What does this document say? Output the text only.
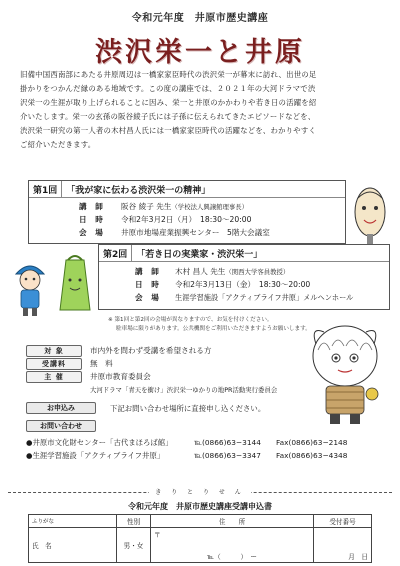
令和元年度　井原市歴史講座
渋沢栄一と井原

旧備中国西南部にあたる井原周辺は一橋家家臣時代の渋沢栄一が幕末に訪れ、出世の足

掛かりをつかんだ縁のある地域です。この度の講座では、２０２１年の大河ドラマで渋

沢栄一の生涯が取り上げられることに因み、栄一と井原のかかわりや若き日の活躍を紹

介いたします。栄一の玄孫の阪谷綾子氏には子孫に伝えられてきたエピソードなどを、

渋沢栄一研究の第一人者の木村昌人氏には一橋家家臣時代の活躍などを、わかりやすく

ご紹介いただきます。

第1回	「我が家に伝わる渋沢栄一の精神」
講 師	阪谷 綾子 先生 （学校法人興譲館理事長）
日 時	令和2年3月2日（月）　18:30～20:00
会 場	井原市地場産業振興センター　5階大会議室
第2回	「若き日の実業家・渋沢栄一」
講 師	木村 昌人 先生 （関西大学客員教授）
日 時	令和2年3月13日（金）　18:30～20:00
会 場	生涯学習施設「アクティブライフ井原」メルヘンホール
※ 第1回と第2回の会場が異なりますので、お気を付けください。
駐車場に限りがあります。公共機関をご利用いただきますようお願いします。
対 象	市内外を問わず受講を希望される方
受講料	無　料
主 催	井原市教育委員会
大河ドラマ「青天を衝け」渋沢栄一ゆかりの地PR活動実行委員会
お申込み	下記お問い合わせ場所に直接申し込ください。
お問い合わせ
●井原市文化財センター「古代まほろば館」	℡(0866)63−3144	Fax(0866)63−2148
●生涯学習施設「アクティブライフ井原」	℡(0866)63−3347	Fax(0866)63−4348
き り と り せ ん
令和元年度　井原市歴史講座受講申込書
ふりがな	性別	住　　所	受付番号
氏　名	男・女	〒
℡（　　　）　ー	月　日
